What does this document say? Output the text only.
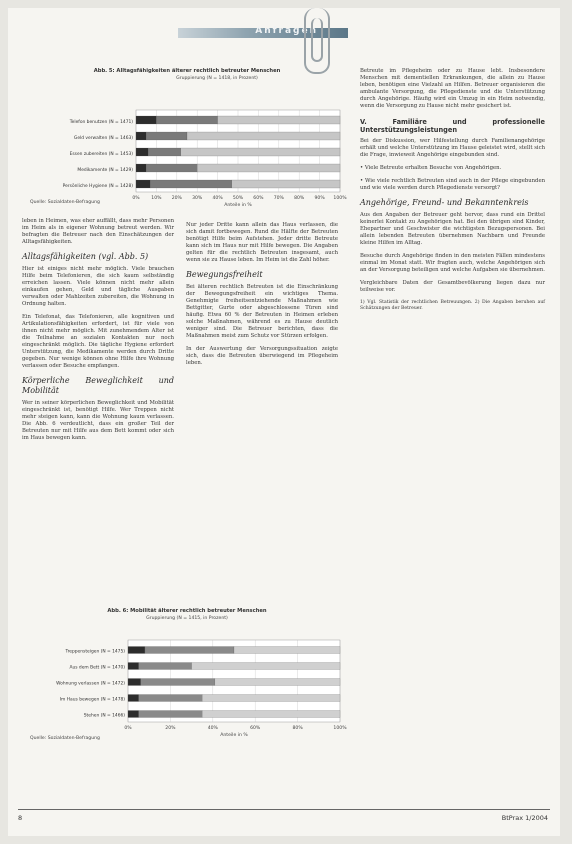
Anfragen
Abb. 5: Alltagsfähigkeiten älterer rechtlich betreuter Menschen
Gruppierung (N = 1418, in Prozent)
0%	10% 20% 30% 40% 50% 60% 70% 80% 90% 100%
Anteile in %
Telefon benutzen (N = 1471)
Geld verwalten (N = 1463)
Essen zubereiten (N = 1453)
Medikamente (N = 1429)
Persönliche Hygiene (N = 1428)
Quelle: Sozialdaten-Befragung
Abb. 6: Mobilität älterer rechtlich betreuter Menschen
Gruppierung (N = 1415, in Prozent)
0%	20%	40%	60%	80%	100%
Anteile in %
Treppensteigen (N = 1475)
Aus dem Bett (N = 1470)
Wohnung verlassen (N = 1472)
Im Haus bewegen (N = 1478)
Stehen (N = 1466)
Quelle: Sozialdaten-Befragung

leben in Heimen, was eher auffällt, dass mehr Personen im Heim als in eigener Wohnung betreut werden. Wir befragten die Betreuer nach den Einschätzungen der Alltagsfähigkeiten.

Alltagsfähigkeiten (vgl. Abb. 5)

Hier ist einiges nicht mehr möglich. Viele brauchen Hilfe beim Telefonieren, die sich kaum selbständig erreichen lassen. Viele können nicht mehr allein einkaufen gehen, Geld und tägliche Ausgaben verwalten oder Mahlzeiten zubereiten, die Wohnung in Ordnung halten.

Ein Telefonat, das Telefonieren, alle kognitiven und Artikulationsfähigkeiten erfordert, ist für viele von ihnen nicht mehr möglich. Mit zunehmendem Alter ist die Teilnahme an sozialen Kontakten nur noch eingeschränkt möglich. Die tägliche Hygiene erfordert Unterstützung, die Medikamente werden durch Dritte gegeben. Nur wenige können ohne Hilfe ihre Wohnung verlassen oder Besuche empfangen.

Körperliche Beweglichkeit und Mobilität

Wer in seiner körperlichen Beweglichkeit und Mobilität eingeschränkt ist, benötigt Hilfe. Wer Treppen nicht mehr steigen kann, kann die Wohnung kaum verlassen. Die Abb. 6 verdeutlicht, dass ein großer Teil der Betreuten nur mit Hilfe aus dem Bett kommt oder sich im Haus bewegen kann.

Nur jeder Dritte kann allein das Haus verlassen, die sich damit fortbewegen. Rund die Hälfte der Betreuten benötigt Hilfe beim Aufstehen. Jeder dritte Betreute kann sich im Haus nur mit Hilfe bewegen. Die Angaben gelten für die rechtlich Betreuten insgesamt, auch wenn sie zu Hause leben. Im Heim ist die Zahl höher.

Bewegungsfreiheit

Bei älteren rechtlich Betreuten ist die Einschränkung der Bewegungsfreiheit ein wichtiges Thema. Genehmigte freiheitsentziehende Maßnahmen wie Bettgitter, Gurte oder abgeschlossene Türen sind häufig. Etwa 60 % der Betreuten in Heimen erleben solche Maßnahmen, während es zu Hause deutlich weniger sind. Die Betreuer berichten, dass die Maßnahmen meist zum Schutz vor Stürzen erfolgen.

In der Auswertung der Versorgungssituation zeigte sich, dass die Betreuten überwiegend im Pflegeheim leben.

Betreute im Pflegeheim oder zu Hause lebt. Insbesondere Menschen mit dementiellen Erkrankungen, die allein zu Hause leben, benötigen eine Vielzahl an Hilfen. Betreuer organisieren die ambulante Versorgung, die Pflegedienste und die Unterstützung durch Angehörige. Häufig wird ein Umzug in ein Heim notwendig, wenn die Versorgung zu Hause nicht mehr gesichert ist.

V. Familiäre und professionelle Unterstützungsleistungen

Bei der Diskussion, wer Hilfestellung durch Familienangehörige erhält und welche Unterstützung im Hause geleistet wird, stellt sich die Frage, inwieweit Angehörige eingebunden sind.

• Viele Betreute erhalten Besuche von Angehörigen.

• Wie viele rechtlich Betreuten sind auch in der Pflege eingebunden und wie viele werden durch Pflegedienste versorgt?

Angehörige, Freund- und Bekanntenkreis

Aus den Angaben der Betreuer geht hervor, dass rund ein Drittel keinerlei Kontakt zu Angehörigen hat. Bei den übrigen sind Kinder, Ehepartner und Geschwister die wichtigsten Bezugspersonen. Bei allein lebenden Betreuten übernehmen Nachbarn und Freunde kleine Hilfen im Alltag.

Besuche durch Angehörige finden in den meisten Fällen mindestens einmal im Monat statt. Wir fragten auch, welche Angehörigen sich an der Versorgung beteiligen und welche Aufgaben sie übernehmen.

Vergleichbare Daten der Gesamtbevölkerung liegen dazu nur teilweise vor.

1) Vgl. Statistik der rechtlichen Betreuungen. 2) Die Angaben beruhen auf Schätzungen der Betreuer.

8	BtPrax 1/2004
